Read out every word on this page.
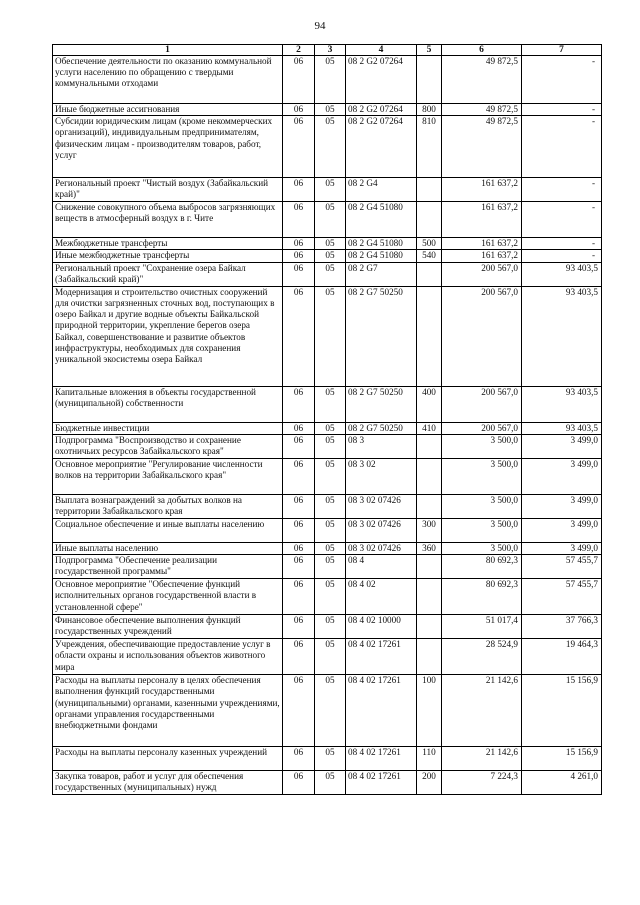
94
1	2	3	4	5	6	7
Обеспечение деятельности по оказанию коммунальной услуги населению по обращению с твердыми коммунальными отходами	06	05	08 2 G2 07264		49 872,5	-
Иные бюджетные ассигнования	06	05	08 2 G2 07264	800	49 872,5	-
Субсидии юридическим лицам (кроме некоммерческих организаций), индивидуальным предпринимателям, физическим лицам - производителям товаров, работ, услуг	06	05	08 2 G2 07264	810	49 872,5	-
Региональный проект "Чистый воздух (Забайкальский край)"	06	05	08 2 G4		161 637,2	-
Снижение совокупного объема выбросов загрязняющих веществ в атмосферный воздух в г. Чите	06	05	08 2 G4 51080		161 637,2	-
Межбюджетные трансферты	06	05	08 2 G4 51080	500	161 637,2	-
Иные межбюджетные трансферты	06	05	08 2 G4 51080	540	161 637,2	-
Региональный проект "Сохранение озера Байкал (Забайкальский край)"	06	05	08 2 G7		200 567,0	93 403,5
Модернизация и строительство очистных сооружений для очистки загрязненных сточных вод, поступающих в озеро Байкал и другие водные объекты Байкальской природной территории, укрепление берегов озера Байкал, совершенствование и развитие объектов инфраструктуры, необходимых для сохранения уникальной экосистемы озера Байкал	06	05	08 2 G7 50250		200 567,0	93 403,5
Капитальные вложения в объекты государственной (муниципальной) собственности	06	05	08 2 G7 50250	400	200 567,0	93 403,5
Бюджетные инвестиции	06	05	08 2 G7 50250	410	200 567,0	93 403,5
Подпрограмма "Воспроизводство и сохранение охотничьих ресурсов Забайкальского края"	06	05	08 3		3 500,0	3 499,0
Основное мероприятие "Регулирование численности волков на территории Забайкальского края"	06	05	08 3 02		3 500,0	3 499,0
Выплата вознаграждений за добытых волков на территории Забайкальского края	06	05	08 3 02 07426		3 500,0	3 499,0
Социальное обеспечение и иные выплаты населению	06	05	08 3 02 07426	300	3 500,0	3 499,0
Иные выплаты населению	06	05	08 3 02 07426	360	3 500,0	3 499,0
Подпрограмма "Обеспечение реализации государственной программы"	06	05	08 4		80 692,3	57 455,7
Основное мероприятие "Обеспечение функций исполнительных органов государственной власти в установленной сфере"	06	05	08 4 02		80 692,3	57 455,7
Финансовое обеспечение выполнения функций государственных учреждений	06	05	08 4 02 10000		51 017,4	37 766,3
Учреждения, обеспечивающие предоставление услуг в области охраны и использования объектов животного мира	06	05	08 4 02 17261		28 524,9	19 464,3
Расходы на выплаты персоналу в целях обеспечения выполнения функций государственными (муниципальными) органами, казенными учреждениями, органами управления государственными внебюджетными фондами	06	05	08 4 02 17261	100	21 142,6	15 156,9
Расходы на выплаты персоналу казенных учреждений	06	05	08 4 02 17261	110	21 142,6	15 156,9
Закупка товаров, работ и услуг для обеспечения государственных (муниципальных) нужд	06	05	08 4 02 17261	200	7 224,3	4 261,0
